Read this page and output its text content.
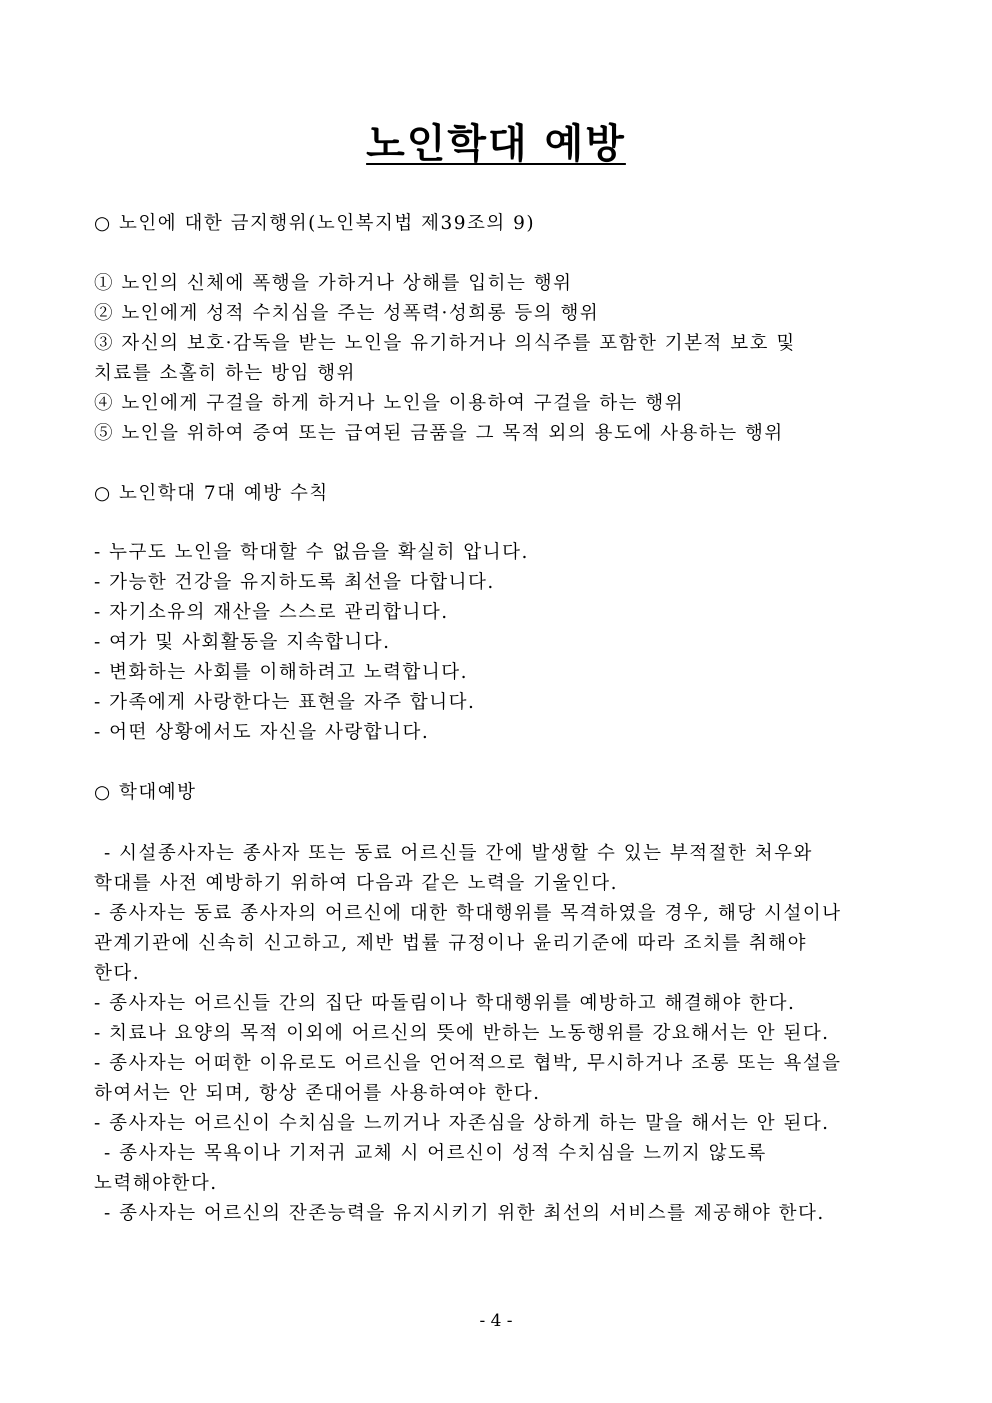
노인학대 예방
○ 노인에 대한 금지행위(노인복지법 제39조의 9)
① 노인의 신체에 폭행을 가하거나 상해를 입히는 행위
② 노인에게 성적 수치심을 주는 성폭력·성희롱 등의 행위
③ 자신의 보호·감독을 받는 노인을 유기하거나 의식주를 포함한 기본적 보호 및
치료를 소홀히 하는 방임 행위
④ 노인에게 구걸을 하게 하거나 노인을 이용하여 구걸을 하는 행위
⑤ 노인을 위하여 증여 또는 급여된 금품을 그 목적 외의 용도에 사용하는 행위
○ 노인학대 7대 예방 수칙
- 누구도 노인을 학대할 수 없음을 확실히 압니다.
- 가능한 건강을 유지하도록 최선을 다합니다.
- 자기소유의 재산을 스스로 관리합니다.
- 여가 및 사회활동을 지속합니다.
- 변화하는 사회를 이해하려고 노력합니다.
- 가족에게 사랑한다는 표현을 자주 합니다.
- 어떤 상황에서도 자신을 사랑합니다.
○ 학대예방
- 시설종사자는 종사자 또는 동료 어르신들 간에 발생할 수 있는 부적절한 처우와
학대를 사전 예방하기 위하여 다음과 같은 노력을 기울인다.
- 종사자는 동료 종사자의 어르신에 대한 학대행위를 목격하였을 경우, 해당 시설이나
관계기관에 신속히 신고하고, 제반 법률 규정이나 윤리기준에 따라 조치를 취해야
한다.
- 종사자는 어르신들 간의 집단 따돌림이나 학대행위를 예방하고 해결해야 한다.
- 치료나 요양의 목적 이외에 어르신의 뜻에 반하는 노동행위를 강요해서는 안 된다.
- 종사자는 어떠한 이유로도 어르신을 언어적으로 협박, 무시하거나 조롱 또는 욕설을
하여서는 안 되며, 항상 존대어를 사용하여야 한다.
- 종사자는 어르신이 수치심을 느끼거나 자존심을 상하게 하는 말을 해서는 안 된다.
- 종사자는 목욕이나 기저귀 교체 시 어르신이 성적 수치심을 느끼지 않도록
노력해야한다.
- 종사자는 어르신의 잔존능력을 유지시키기 위한 최선의 서비스를 제공해야 한다.
- 4 -
